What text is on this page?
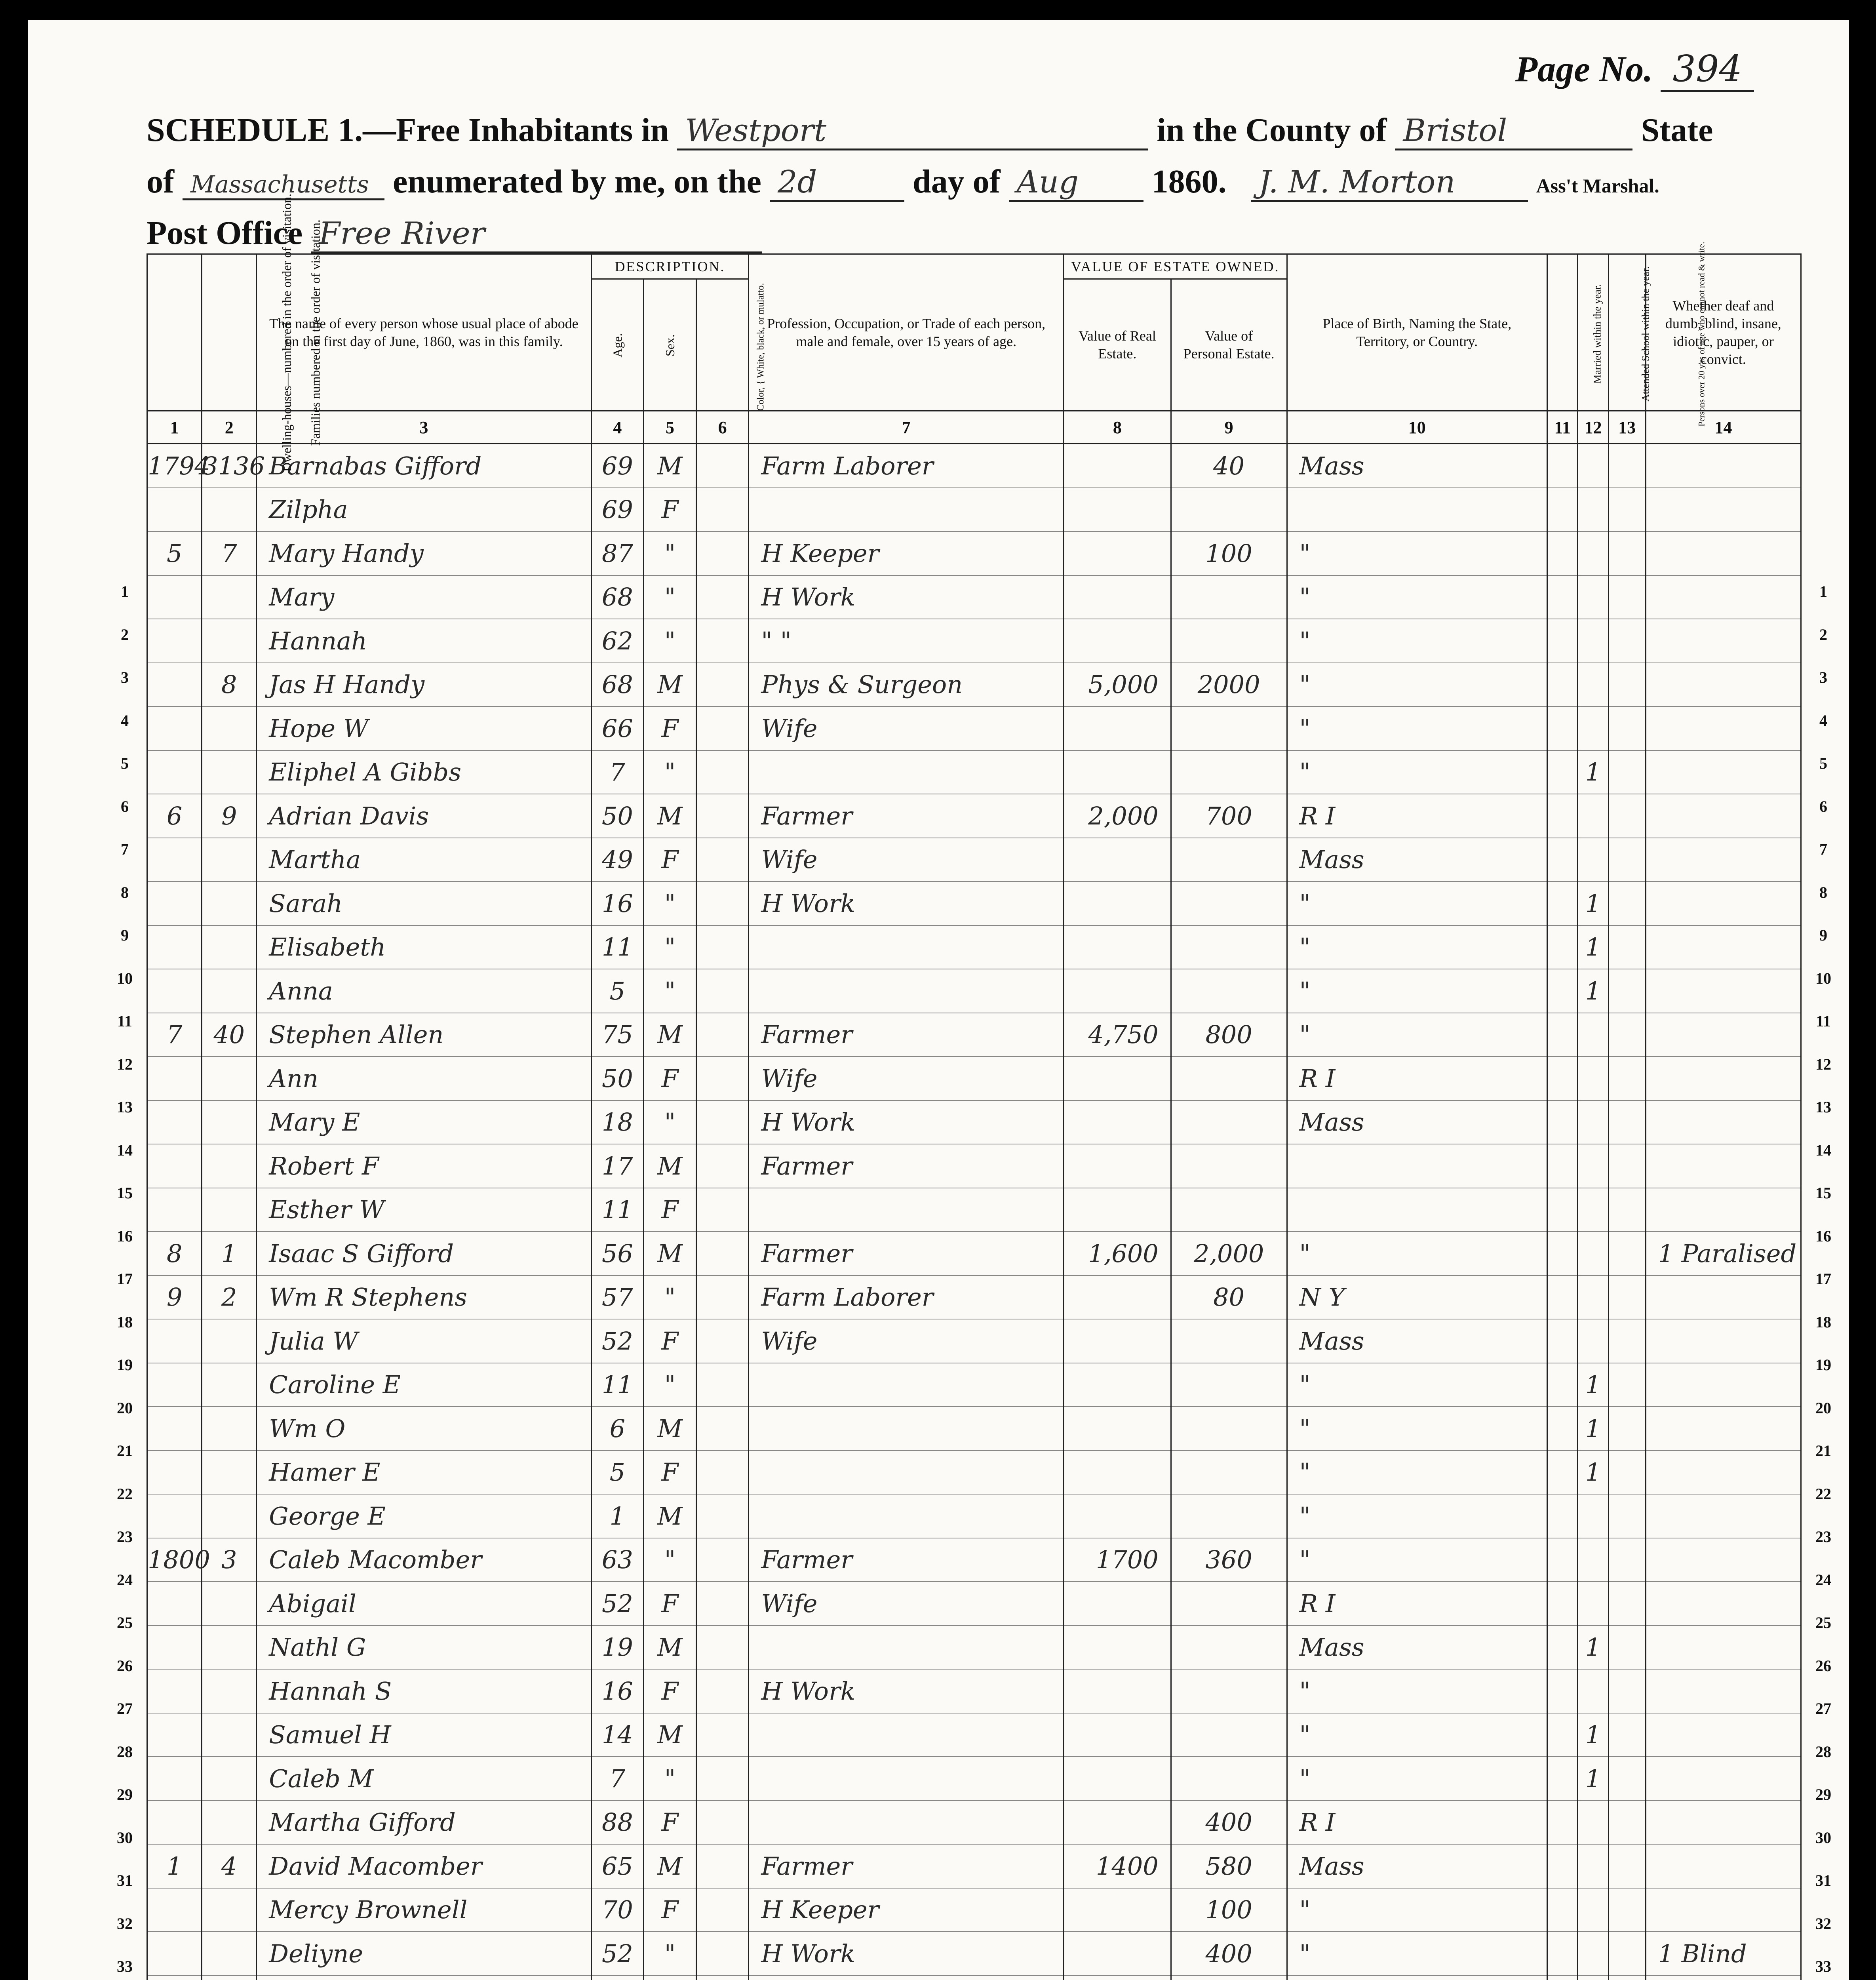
Page No. 394
SCHEDULE 1.—Free Inhabitants in Westport	in the County of Bristol	State
of Massachusetts enumerated by me, on the 2d	day of Aug 1860. J. M. Morton	Ass't Marshal.
Post Office Free River
Dwelling-houses—numbered in the order of visitation.	Families numbered in the order of visitation.	The name of every person whose usual place of abode on the first day of June, 1860, was in this family.	DESCRIPTION.			Profession, Occupation, or Trade of each person, male and female, over 15 years of age.	VALUE OF ESTATE OWNED.		Place of Birth, Naming the State, Territory, or Country.	Married within the year.	Attended School within the year.	Persons over 20 y'rs of age who cannot read & write.	Whether deaf and dumb, blind, insane, idiotic, pauper, or convict.
			Age.	Sex.	Color, { White, black, or mulatto.		Value of Real Estate.	Value of Personal Estate.					
1	2	3	4	5	6	7	8	9	10	11	12	13	14
1794	3136	Barnabas Gifford	69	M		Farm Laborer		40	Mass				
		Zilpha	69	F									
5	7	Mary Handy	87	"		H Keeper		100	"				
		Mary	68	"		H Work			"				
		Hannah	62	"		" "			"				
	8	Jas H Handy	68	M		Phys & Surgeon	5,000	2000	"				
		Hope W	66	F		Wife			"				
		Eliphel A Gibbs	7	"					"		1		
6	9	Adrian Davis	50	M		Farmer	2,000	700	R I				
		Martha	49	F		Wife			Mass				
		Sarah	16	"		H Work			"		1		
		Elisabeth	11	"					"		1		
		Anna	5	"					"		1		
7	40	Stephen Allen	75	M		Farmer	4,750	800	"				
		Ann	50	F		Wife			R I				
		Mary E	18	"		H Work			Mass				
		Robert F	17	M		Farmer							
		Esther W	11	F									
8	1	Isaac S Gifford	56	M		Farmer	1,600	2,000	"				1 Paralised
9	2	Wm R Stephens	57	"		Farm Laborer		80	N Y				
		Julia W	52	F		Wife			Mass				
		Caroline E	11	"					"		1		
		Wm O	6	M					"		1		
		Hamer E	5	F					"		1		
		George E	1	M					"				
1800	3	Caleb Macomber	63	"		Farmer	1700	360	"				
		Abigail	52	F		Wife			R I				
		Nathl G	19	M					Mass		1		
		Hannah S	16	F		H Work			"				
		Samuel H	14	M					"		1		
		Caleb M	7	"					"		1		
		Martha Gifford	88	F				400	R I				
1	4	David Macomber	65	M		Farmer	1400	580	Mass				
		Mercy Brownell	70	F		H Keeper		100	"				
		Deliyne	52	"		H Work		400	"				1 Blind

1
2
3
4
5
6
7
8
9
10
11
12
13
14
15
16
17
18
19
20
21
22
23
24
25
26
27
28
29
30
31
32
33
1
2
3
4
5
6
7
8
9
10
11
12
13
14
15
16
17
18
19
20
21
22
23
24
25
26
27
28
29
30
31
32
33
